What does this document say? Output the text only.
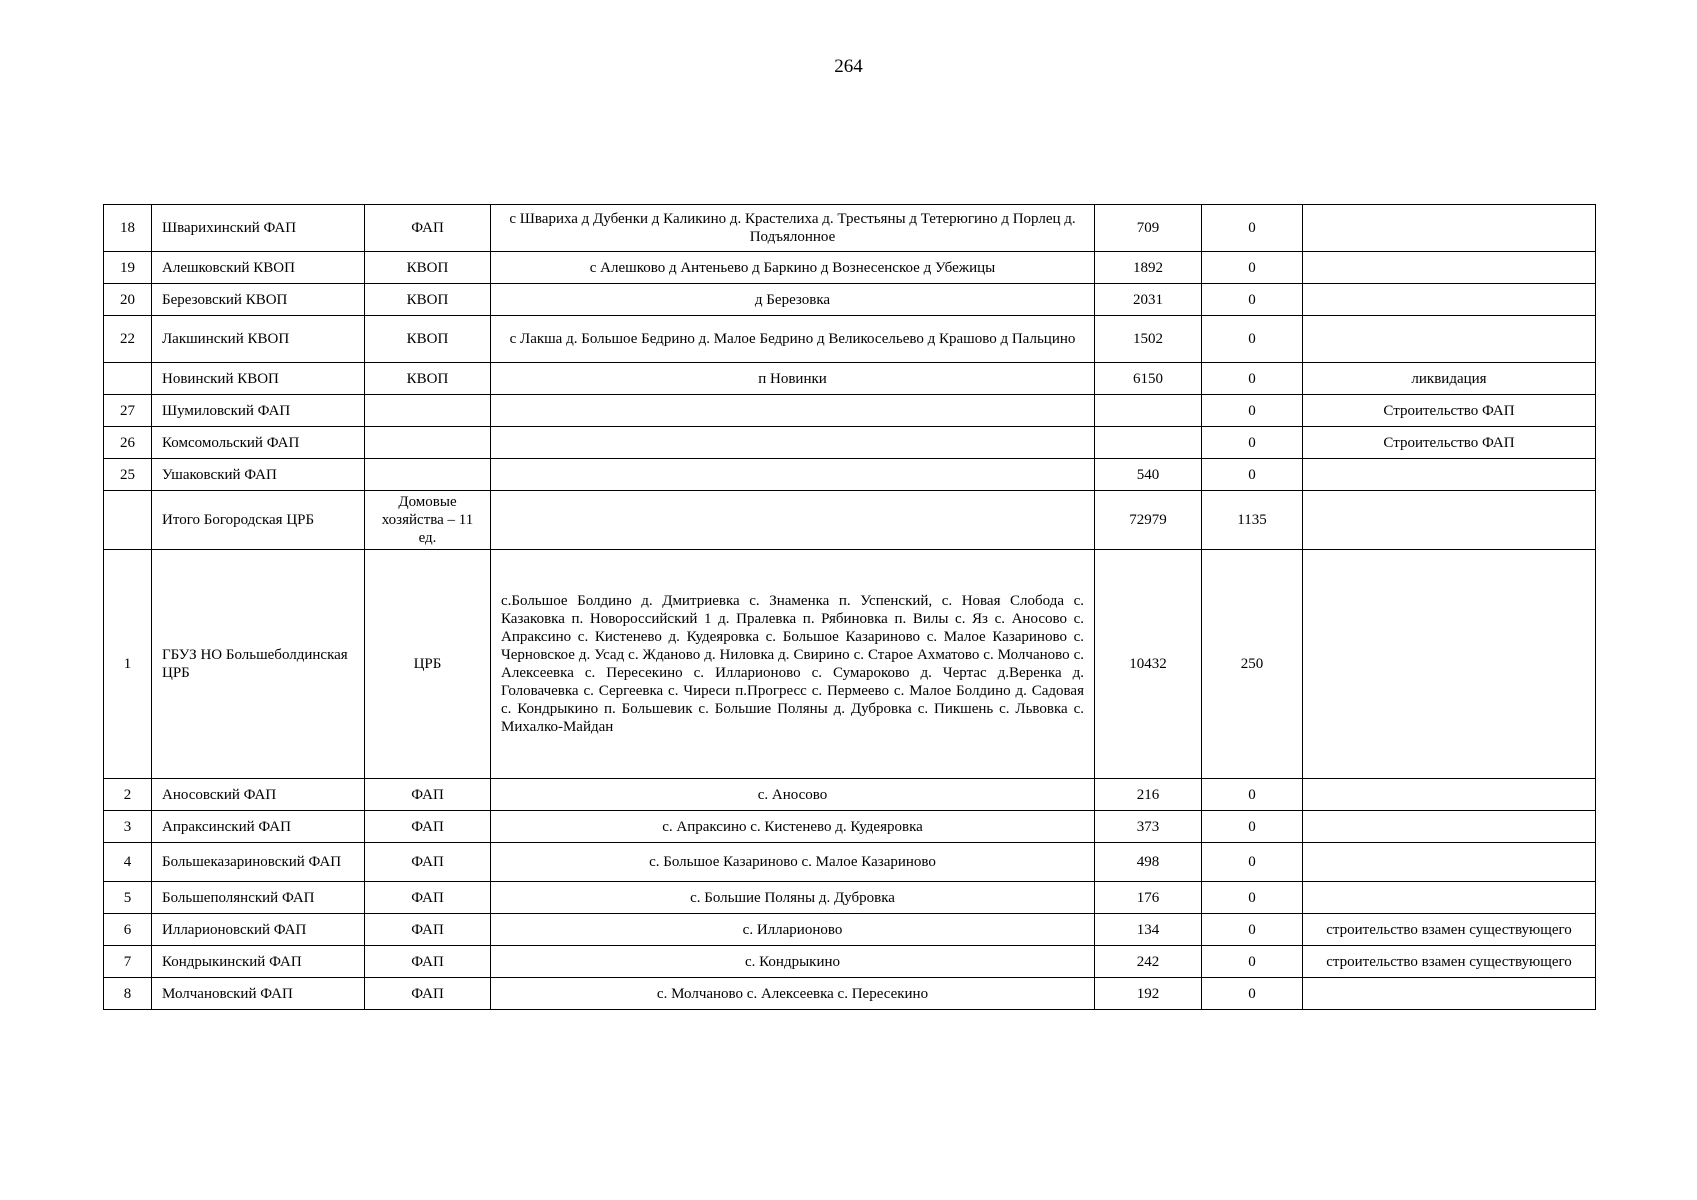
264
18	Шварихинский ФАП	ФАП	с Швариха д Дубенки д Каликино д. Крастелиха д. Трестьяны д Тетерюгино д Порлец д. Подъялонное	709	0	
19	Алешковский КВОП	КВОП	с Алешково д Антеньево д Баркино д Вознесенское д Убежицы	1892	0	
20	Березовский КВОП	КВОП	д Березовка	2031	0	
22	Лакшинский КВОП	КВОП	с Лакша д. Большое Бедрино д. Малое Бедрино д Великосельево д Крашово д Пальцино	1502	0	
	Новинский КВОП	КВОП	п Новинки	6150	0	ликвидация
27	Шумиловский ФАП				0	Строительство ФАП
26	Комсомольский ФАП				0	Строительство ФАП
25	Ушаковский ФАП			540	0	
	Итого Богородская ЦРБ	Домовые хозяйства – 11 ед.		72979	1135	
1	ГБУЗ НО Большеболдинская ЦРБ	ЦРБ	с.Большое Болдино д. Дмитриевка с. Знаменка п. Успенский, с. Новая Слобода с. Казаковка п. Новороссийский 1 д. Пралевка п. Рябиновка п. Вилы с. Яз с. Аносово с. Апраксино с. Кистенево д. Кудеяровка с. Большое Казариново с. Малое Казариново с. Черновское д. Усад с. Жданово д. Ниловка д. Свирино с. Старое Ахматово с. Молчаново с. Алексеевка с. Пересекино с. Илларионово с. Сумароково д. Чертас д.Веренка д. Головачевка с. Сергеевка с. Чиреси п.Прогресс с. Пермеево с. Малое Болдино д. Садовая с. Кондрыкино п. Большевик с. Большие Поляны д. Дубровка с. Пикшень с. Львовка с. Михалко-Майдан	10432	250	
2	Аносовский ФАП	ФАП	с. Аносово	216	0	
3	Апраксинский ФАП	ФАП	с. Апраксино с. Кистенево д. Кудеяровка	373	0	
4	Большеказариновский ФАП	ФАП	с. Большое Казариново с. Малое Казариново	498	0	
5	Большеполянский ФАП	ФАП	с. Большие Поляны д. Дубровка	176	0	
6	Илларионовский ФАП	ФАП	с. Илларионово	134	0	строительство взамен существующего
7	Кондрыкинский ФАП	ФАП	с. Кондрыкино	242	0	строительство взамен существующего
8	Молчановский ФАП	ФАП	с. Молчаново с. Алексеевка с. Пересекино	192	0	
